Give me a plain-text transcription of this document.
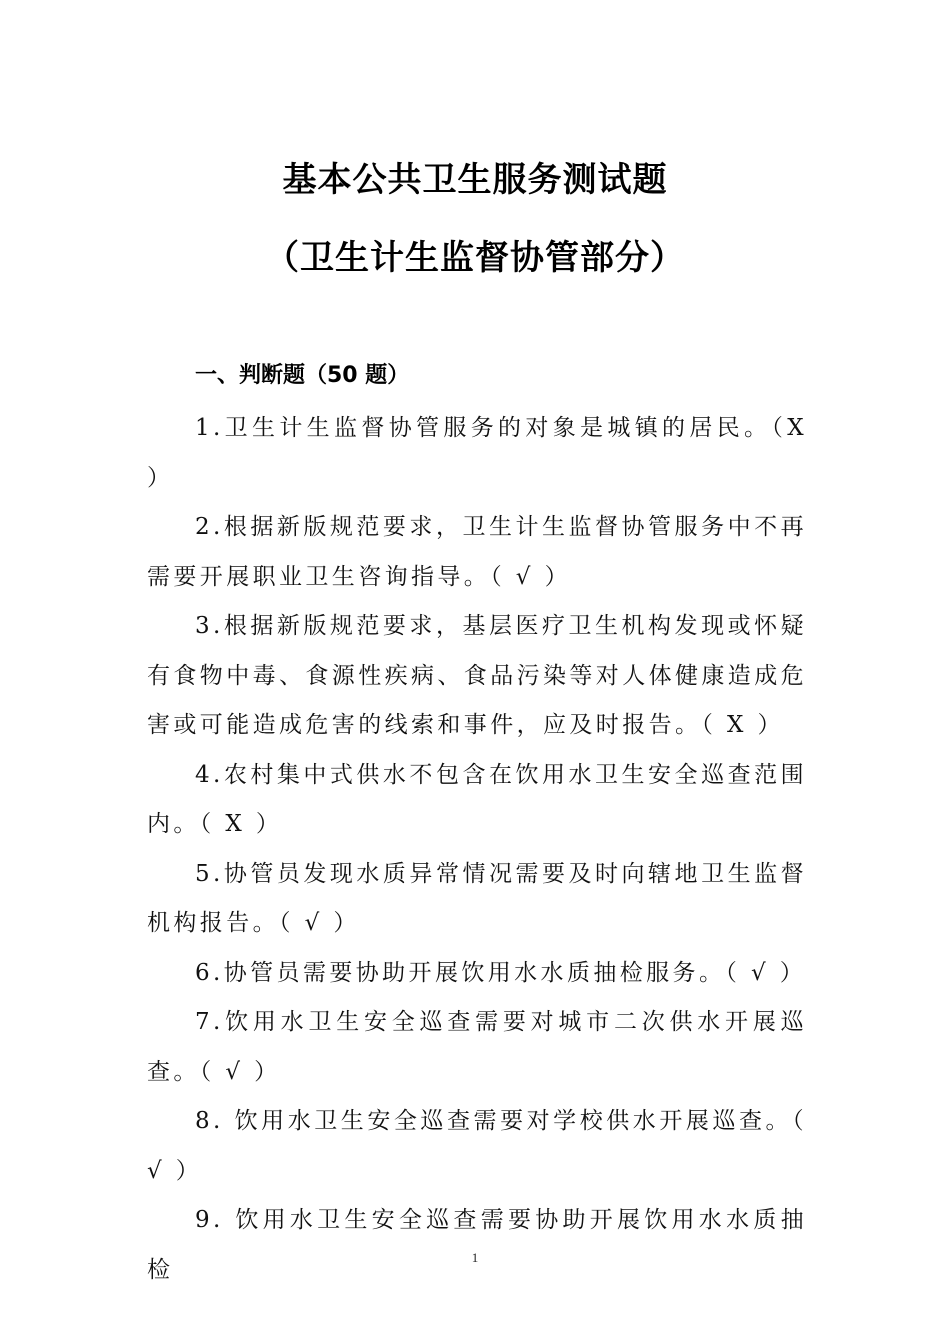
基本公共卫生服务测试题
（卫生计生监督协管部分）
一、判断题（50 题）

1.卫生计生监督协管服务的对象是城镇的居民。（X ）

2.根据新版规范要求，卫生计生监督协管服务中不再需要开展职业卫生咨询指导。（ √ ）

3.根据新版规范要求，基层医疗卫生机构发现或怀疑有食物中毒、食源性疾病、食品污染等对人体健康造成危害或可能造成危害的线索和事件，应及时报告。（ X ）

4.农村集中式供水不包含在饮用水卫生安全巡查范围内。（ X ）

5.协管员发现水质异常情况需要及时向辖地卫生监督机构报告。（ √ ）

6.协管员需要协助开展饮用水水质抽检服务。（ √ ）

7.饮用水卫生安全巡查需要对城市二次供水开展巡查。（ √ ）

8. 饮用水卫生安全巡查需要对学校供水开展巡查。（ √ ）

9. 饮用水卫生安全巡查需要协助开展饮用水水质抽检	1
